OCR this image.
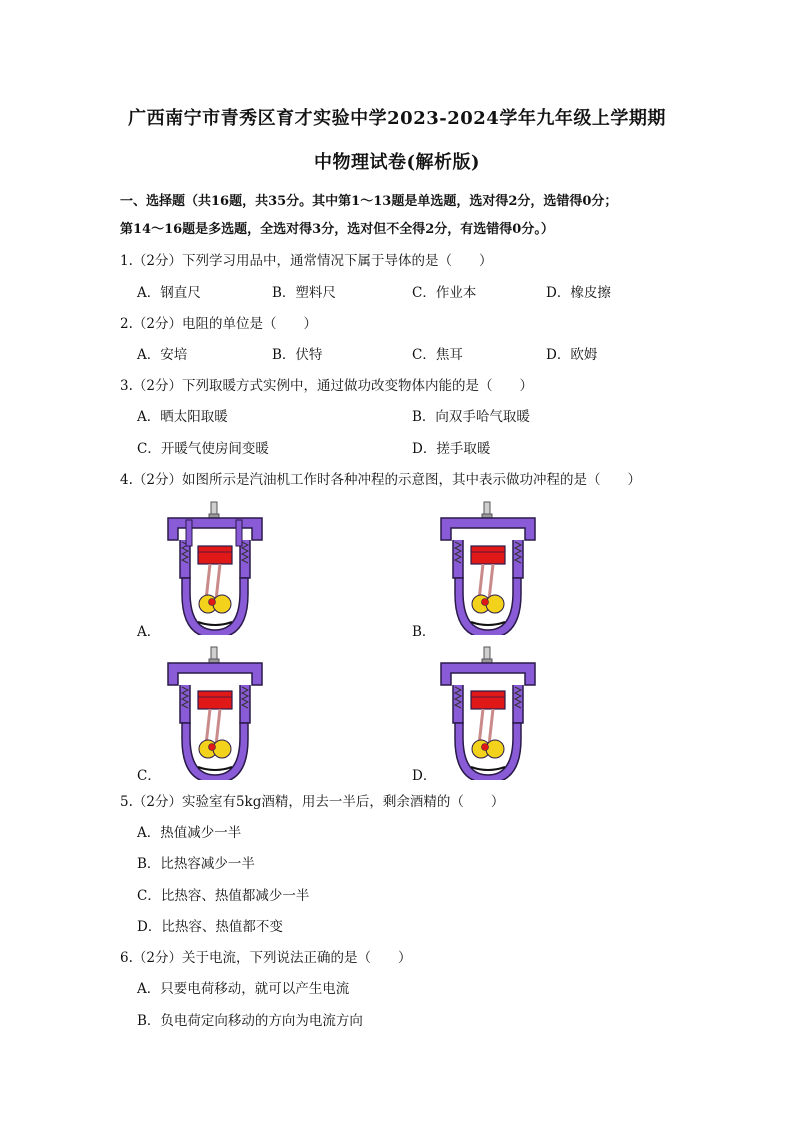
广西南宁市青秀区育才实验中学2023-2024学年九年级上学期期
中物理试卷(解析版)
一、选择题（共16题，共35分。其中第1～13题是单选题，选对得2分，选错得0分；
第14～16题是多选题，全选对得3分，选对但不全得2分，有选错得0分。）
1.（2分）下列学习用品中，通常情况下属于导体的是（　　）
A．钢直尺	B．塑料尺	C．作业本	D．橡皮擦
2.（2分）电阻的单位是（　　）
A．安培	B．伏特	C．焦耳	D．欧姆
3.（2分）下列取暖方式实例中，通过做功改变物体内能的是（　　）
A．晒太阳取暖	B．向双手哈气取暖
C．开暖气使房间变暖	D．搓手取暖
4.（2分）如图所示是汽油机工作时各种冲程的示意图，其中表示做功冲程的是（　　）
A．	B．
C．	D．
5.（2分）实验室有5kg酒精，用去一半后，剩余酒精的（　　）
A．热值减少一半
B．比热容减少一半
C．比热容、热值都减少一半
D．比热容、热值都不变
6.（2分）关于电流，下列说法正确的是（　　）
A．只要电荷移动，就可以产生电流
B．负电荷定向移动的方向为电流方向
